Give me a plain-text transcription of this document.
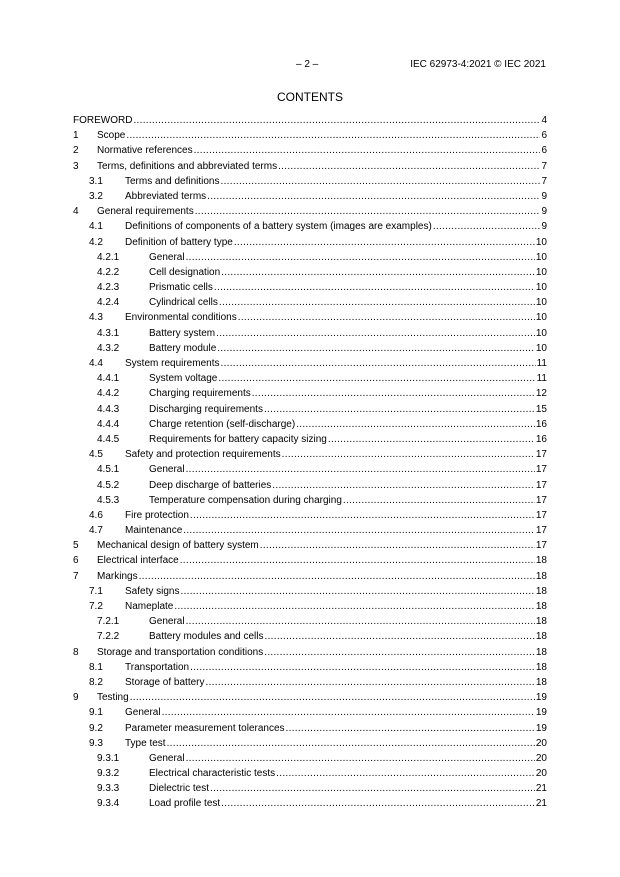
– 2 –	IEC 62973-4:2021 © IEC 2021
CONTENTS
FOREWORD .....	4
1	Scope .....	6
2	Normative references .....	6
3	Terms, definitions and abbreviated terms .....	7
3.1	Terms and definitions .....	7
3.2	Abbreviated terms .....	9
4	General requirements .....	9
4.1	Definitions of components of a battery system (images are examples) .....	9
4.2	Definition of battery type .....	10
4.2.1	General .....	10
4.2.2	Cell designation .....	10
4.2.3	Prismatic cells .....	10
4.2.4	Cylindrical cells .....	10
4.3	Environmental conditions .....	10
4.3.1	Battery system .....	10
4.3.2	Battery module .....	10
4.4	System requirements .....	11
4.4.1	System voltage .....	11
4.4.2	Charging requirements .....	12
4.4.3	Discharging requirements .....	15
4.4.4	Charge retention (self-discharge) .....	16
4.4.5	Requirements for battery capacity sizing .....	16
4.5	Safety and protection requirements .....	17
4.5.1	General .....	17
4.5.2	Deep discharge of batteries .....	17
4.5.3	Temperature compensation during charging .....	17
4.6	Fire protection .....	17
4.7	Maintenance .....	17
5	Mechanical design of battery system .....	17
6	Electrical interface .....	18
7	Markings .....	18
7.1	Safety signs .....	18
7.2	Nameplate .....	18
7.2.1	General .....	18
7.2.2	Battery modules and cells .....	18
8	Storage and transportation conditions .....	18
8.1	Transportation .....	18
8.2	Storage of battery .....	18
9	Testing .....	19
9.1	General .....	19
9.2	Parameter measurement tolerances .....	19
9.3	Type test .....	20
9.3.1	General .....	20
9.3.2	Electrical characteristic tests .....	20
9.3.3	Dielectric test .....	21
9.3.4	Load profile test .....	21
